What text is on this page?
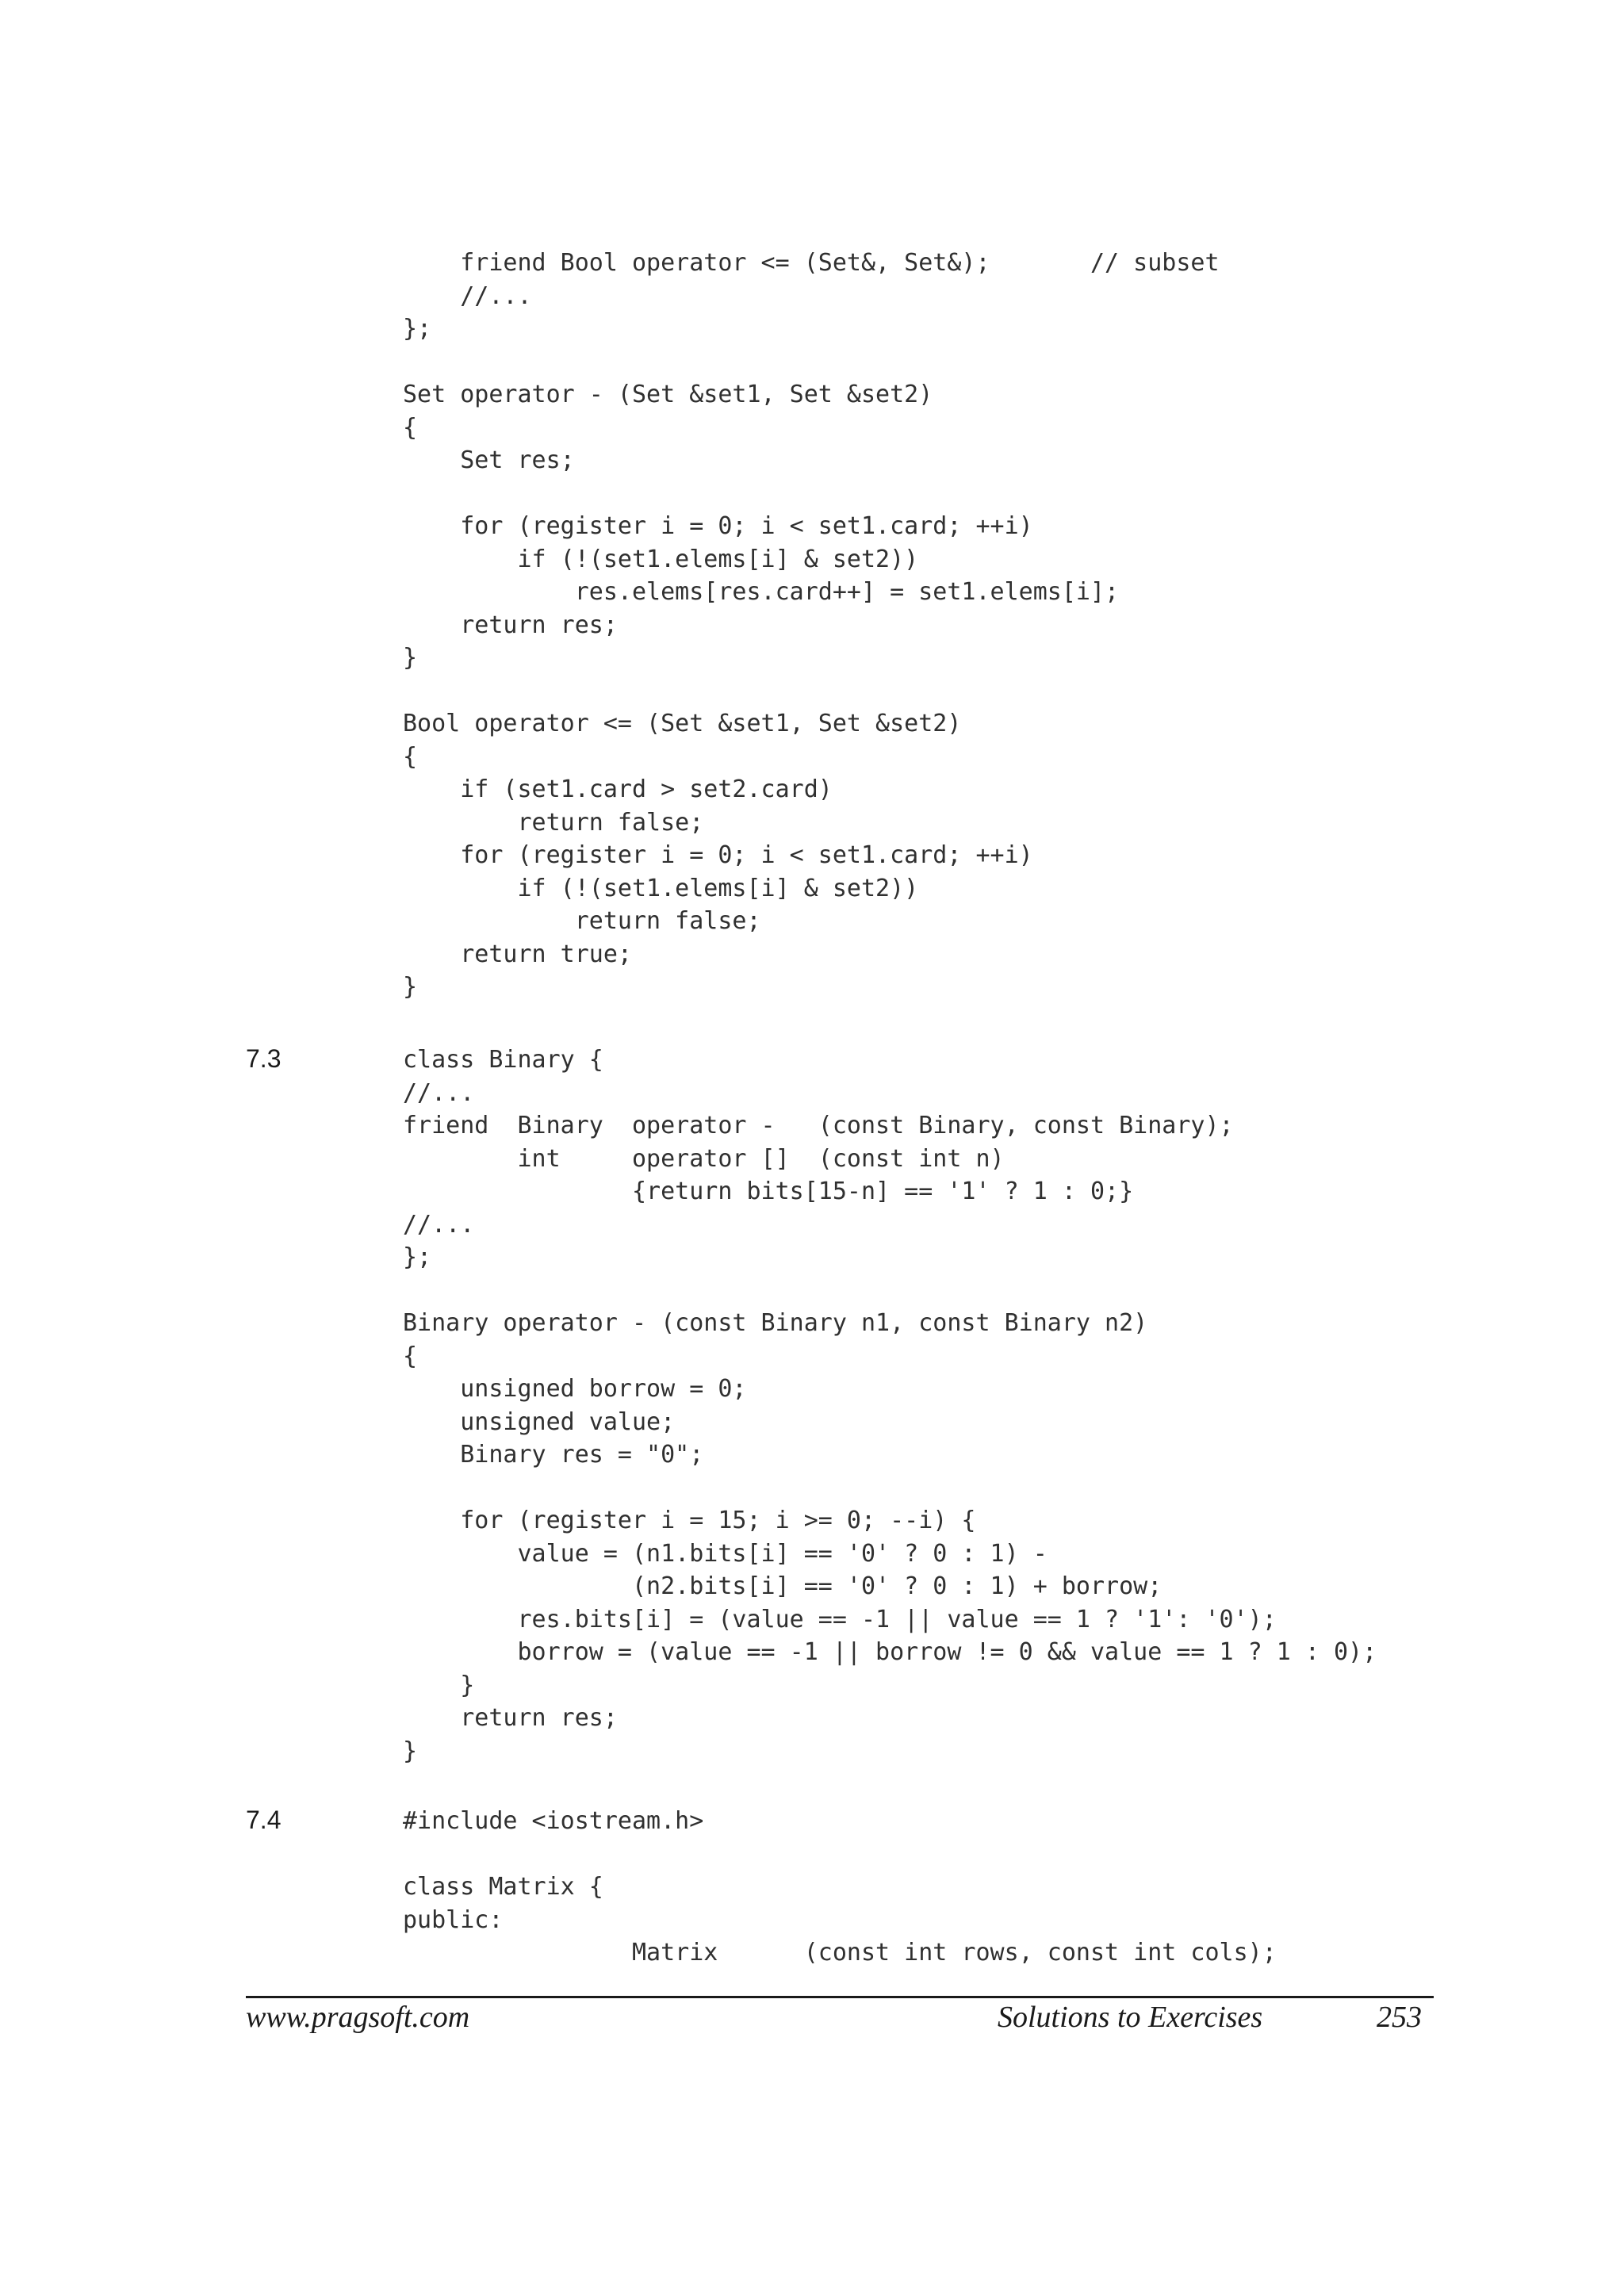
friend Bool operator <= (Set&, Set&);       // subset
//...
};

Set operator - (Set &set1, Set &set2)
{
Set res;

for (register i = 0; i < set1.card; ++i)
if (!(set1.elems[i] & set2))
res.elems[res.card++] = set1.elems[i];
return res;
}

Bool operator <= (Set &set1, Set &set2)
{
if (set1.card > set2.card)
return false;
for (register i = 0; i < set1.card; ++i)
if (!(set1.elems[i] & set2))
return false;
return true;
}
7.3	class Binary {
//...
friend  Binary  operator -   (const Binary, const Binary);
int     operator []  (const int n)
{return bits[15-n] == '1' ? 1 : 0;}
//...
};

Binary operator - (const Binary n1, const Binary n2)
{
unsigned borrow = 0;
unsigned value;
Binary res = "0";

for (register i = 15; i >= 0; --i) {
value = (n1.bits[i] == '0' ? 0 : 1) -
(n2.bits[i] == '0' ? 0 : 1) + borrow;
res.bits[i] = (value == -1 || value == 1 ? '1': '0');
borrow = (value == -1 || borrow != 0 && value == 1 ? 1 : 0);
}
return res;
}
7.4	#include <iostream.h>

class Matrix {
public:
Matrix      (const int rows, const int cols);
www.pragsoft.com	Solutions to Exercises	253
